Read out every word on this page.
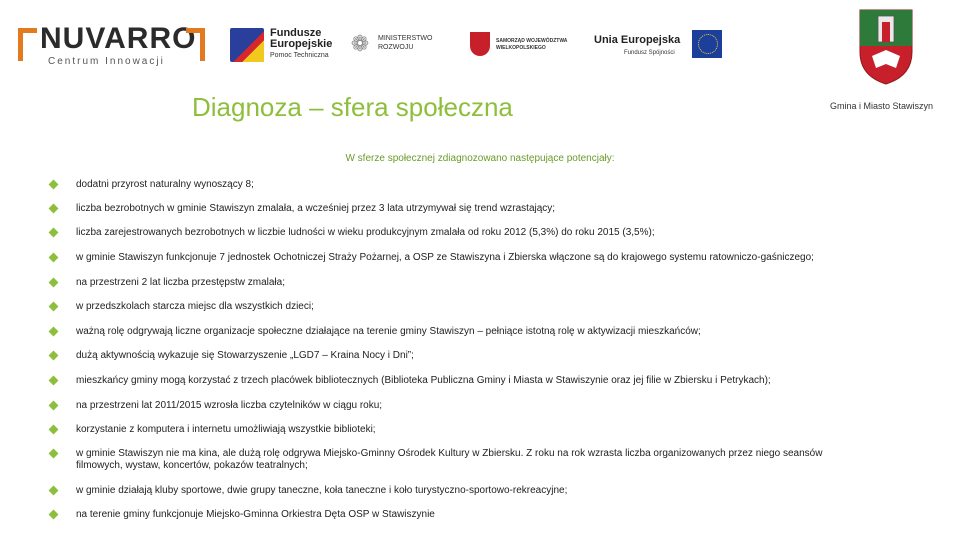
NUVARRO
Centrum Innowacji
Fundusze
Europejskie
Pomoc Techniczna ❁	MINISTERSTWO
ROZWOJU
SAMORZĄD WOJEWÓDZTWA
WIELKOPOLSKIEGO
Unia Europejska
Fundusz Spójności
Diagnoza – sfera społeczna	Gmina i Miasto Stawiszyn
W sferze społecznej zdiagnozowano następujące potencjały:
dodatni przyrost naturalny wynoszący 8;
liczba bezrobotnych w gminie Stawiszyn zmalała, a wcześniej przez 3 lata utrzymywał się trend wzrastający;
liczba zarejestrowanych bezrobotnych w liczbie ludności w wieku produkcyjnym zmalała od roku 2012 (5,3%) do roku 2015 (3,5%);
w gminie Stawiszyn funkcjonuje 7 jednostek Ochotniczej Straży Pożarnej, a OSP ze Stawiszyna i Zbierska włączone są do krajowego systemu ratowniczo-gaśniczego;
na przestrzeni 2 lat liczba przestępstw zmalała;
w przedszkolach starcza miejsc dla wszystkich dzieci;
ważną rolę odgrywają liczne organizacje społeczne działające na terenie gminy Stawiszyn – pełniące istotną rolę w aktywizacji mieszkańców;
dużą aktywnością wykazuje się Stowarzyszenie „LGD7 – Kraina Nocy i Dni”;
mieszkańcy gminy mogą korzystać z trzech placówek bibliotecznych (Biblioteka Publiczna Gminy i Miasta w Stawiszynie oraz jej filie w Zbiersku i Petrykach);
na przestrzeni lat 2011/2015 wzrosła liczba czytelników w ciągu roku;
korzystanie z komputera i internetu umożliwiają wszystkie biblioteki;
w gminie Stawiszyn nie ma kina, ale dużą rolę odgrywa Miejsko-Gminny Ośrodek Kultury w Zbiersku. Z roku na rok wzrasta liczba organizowanych przez niego seansów filmowych, wystaw, koncertów, pokazów teatralnych;
w gminie działają kluby sportowe, dwie grupy taneczne, koła taneczne i koło turystyczno-sportowo-rekreacyjne;
na terenie gminy funkcjonuje Miejsko-Gminna Orkiestra Dęta OSP w Stawiszynie
